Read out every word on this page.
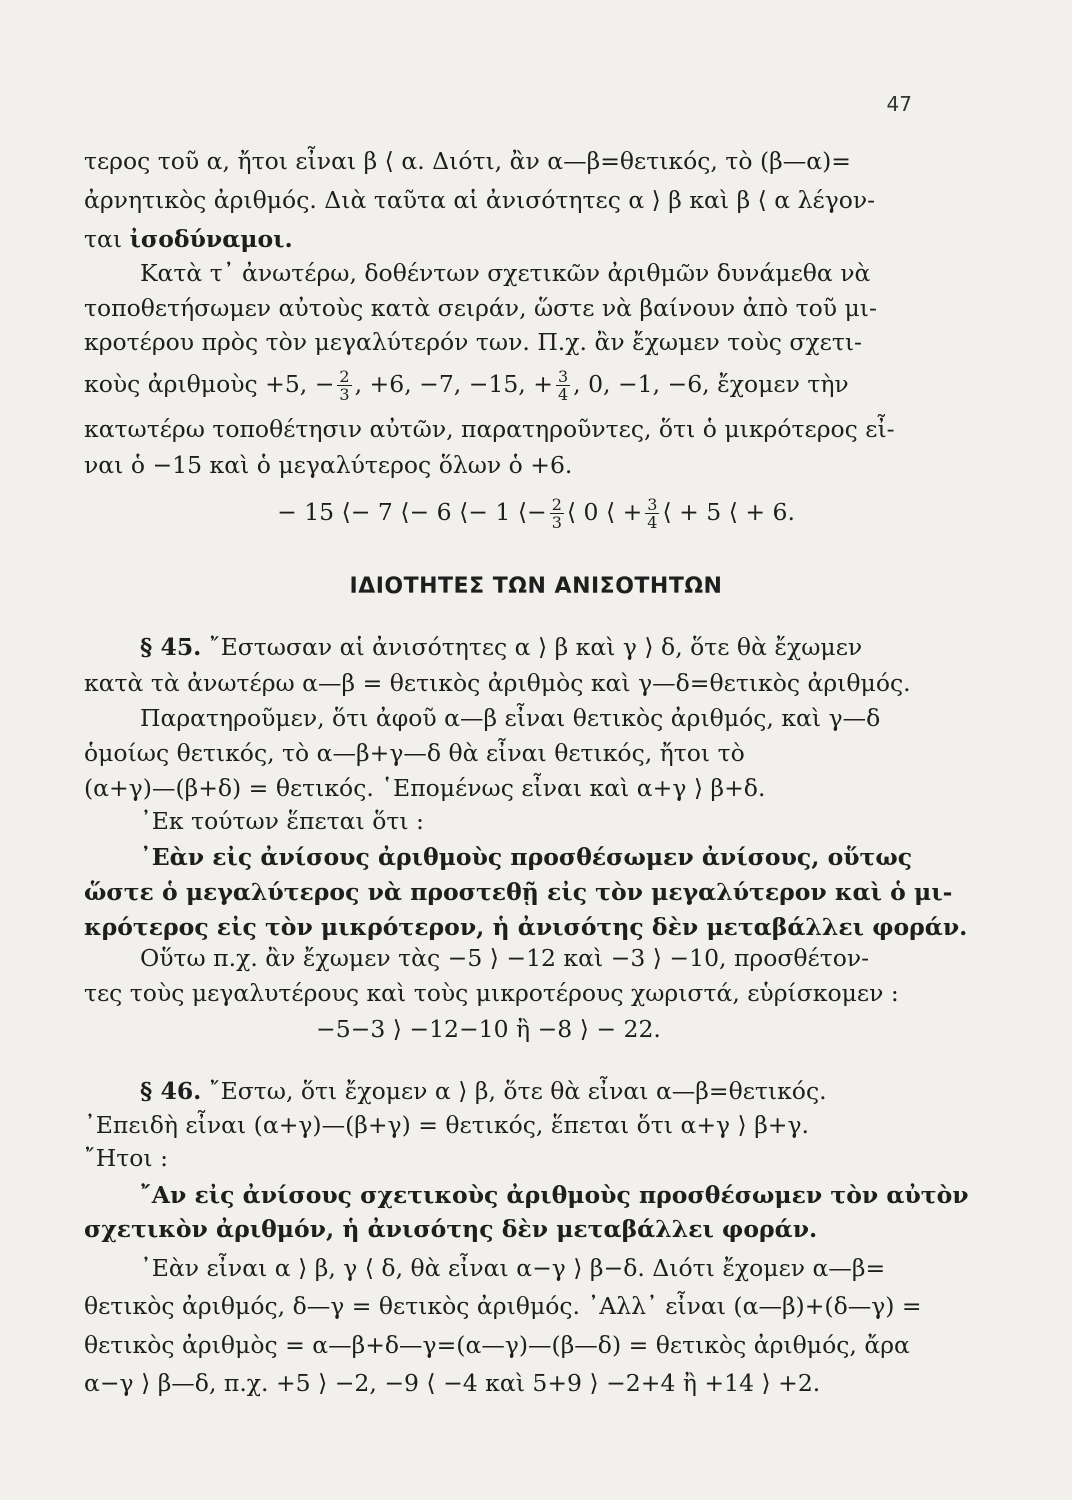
47
τερος τοῦ α, ἤτοι εἶναι β ⟨ α. Διότι, ἂν α—β=θετικός, τὸ (β—α)=
ἀρνητικὸς ἀριθμός. Διὰ ταῦτα αἱ ἀνισότητες α ⟩ β καὶ β ⟨ α λέγον-
ται ἰσοδύναμοι.
Κατὰ τ᾽ ἀνωτέρω, δοθέντων σχετικῶν ἀριθμῶν δυνάμεθα νὰ
τοποθετήσωμεν αὐτοὺς κατὰ σειράν, ὥστε νὰ βαίνουν ἀπὸ τοῦ μι-
κροτέρου πρὸς τὸν μεγαλύτερόν των. Π.χ. ἂν ἔχωμεν τοὺς σχετι-
κοὺς ἀριθμοὺς +5, − $\frac{2}{3}$ , +6, −7, −15, + $\frac{3}{4}$ , 0, −1, −6, ἔχομεν τὴν
κατωτέρω τοποθέτησιν αὐτῶν, παρατηροῦντες, ὅτι ὁ μικρότερος εἶ-
ναι ὁ −15 καὶ ὁ μεγαλύτερος ὅλων ὁ +6.
− 15 ⟨− 7 ⟨− 6 ⟨− 1 ⟨− $\frac{2}{3}$ ⟨ 0 ⟨ + $\frac{3}{4}$ ⟨ + 5 ⟨ + 6.
ΙΔΙΟΤΗΤΕΣ ΤΩΝ ΑΝΙΣΟΤΗΤΩΝ
§ 45. ῎Εστωσαν αἱ ἀνισότητες α ⟩ β καὶ γ ⟩ δ, ὅτε θὰ ἔχωμεν
κατὰ τὰ ἀνωτέρω α—β = θετικὸς ἀριθμὸς καὶ γ—δ=θετικὸς ἀριθμός.
Παρατηροῦμεν, ὅτι ἀφοῦ α—β εἶναι θετικὸς ἀριθμός, καὶ γ—δ
ὁμοίως θετικός, τὸ α—β+γ—δ θὰ εἶναι θετικός, ἤτοι τὸ
(α+γ)—(β+δ) = θετικός. ῾Επομένως εἶναι καὶ α+γ ⟩ β+δ.
᾽Εκ τούτων ἕπεται ὅτι :
᾽Εὰν εἰς ἀνίσους ἀριθμοὺς προσθέσωμεν ἀνίσους, οὕτως
ὥστε ὁ μεγαλύτερος νὰ προστεθῇ εἰς τὸν μεγαλύτερον καὶ ὁ μι-
κρότερος εἰς τὸν μικρότερον, ἡ ἀνισότης δὲν μεταβάλλει φοράν.
Οὕτω π.χ. ἂν ἔχωμεν τὰς −5 ⟩ −12 καὶ −3 ⟩ −10, προσθέτον-
τες τοὺς μεγαλυτέρους καὶ τοὺς μικροτέρους χωριστά, εὑρίσκομεν :
−5−3 ⟩ −12−10 ἢ −8 ⟩ − 22.
§ 46. ῎Εστω, ὅτι ἔχομεν α ⟩ β, ὅτε θὰ εἶναι α—β=θετικός.
᾽Επειδὴ εἶναι (α+γ)—(β+γ) = θετικός, ἕπεται ὅτι α+γ ⟩ β+γ.
῎Ητοι :
῎Αν εἰς ἀνίσους σχετικοὺς ἀριθμοὺς προσθέσωμεν τὸν αὐτὸν
σχετικὸν ἀριθμόν, ἡ ἀνισότης δὲν μεταβάλλει φοράν.
᾽Εὰν εἶναι α ⟩ β, γ ⟨ δ, θὰ εἶναι α−γ ⟩ β−δ. Διότι ἔχομεν α—β=
θετικὸς ἀριθμός, δ—γ = θετικὸς ἀριθμός. ᾽Αλλ᾽ εἶναι (α—β)+(δ—γ) =
θετικὸς ἀριθμὸς = α—β+δ—γ=(α—γ)—(β—δ) = θετικὸς ἀριθμός, ἄρα
α−γ ⟩ β—δ, π.χ. +5 ⟩ −2, −9 ⟨ −4 καὶ 5+9 ⟩ −2+4 ἢ +14 ⟩ +2.
